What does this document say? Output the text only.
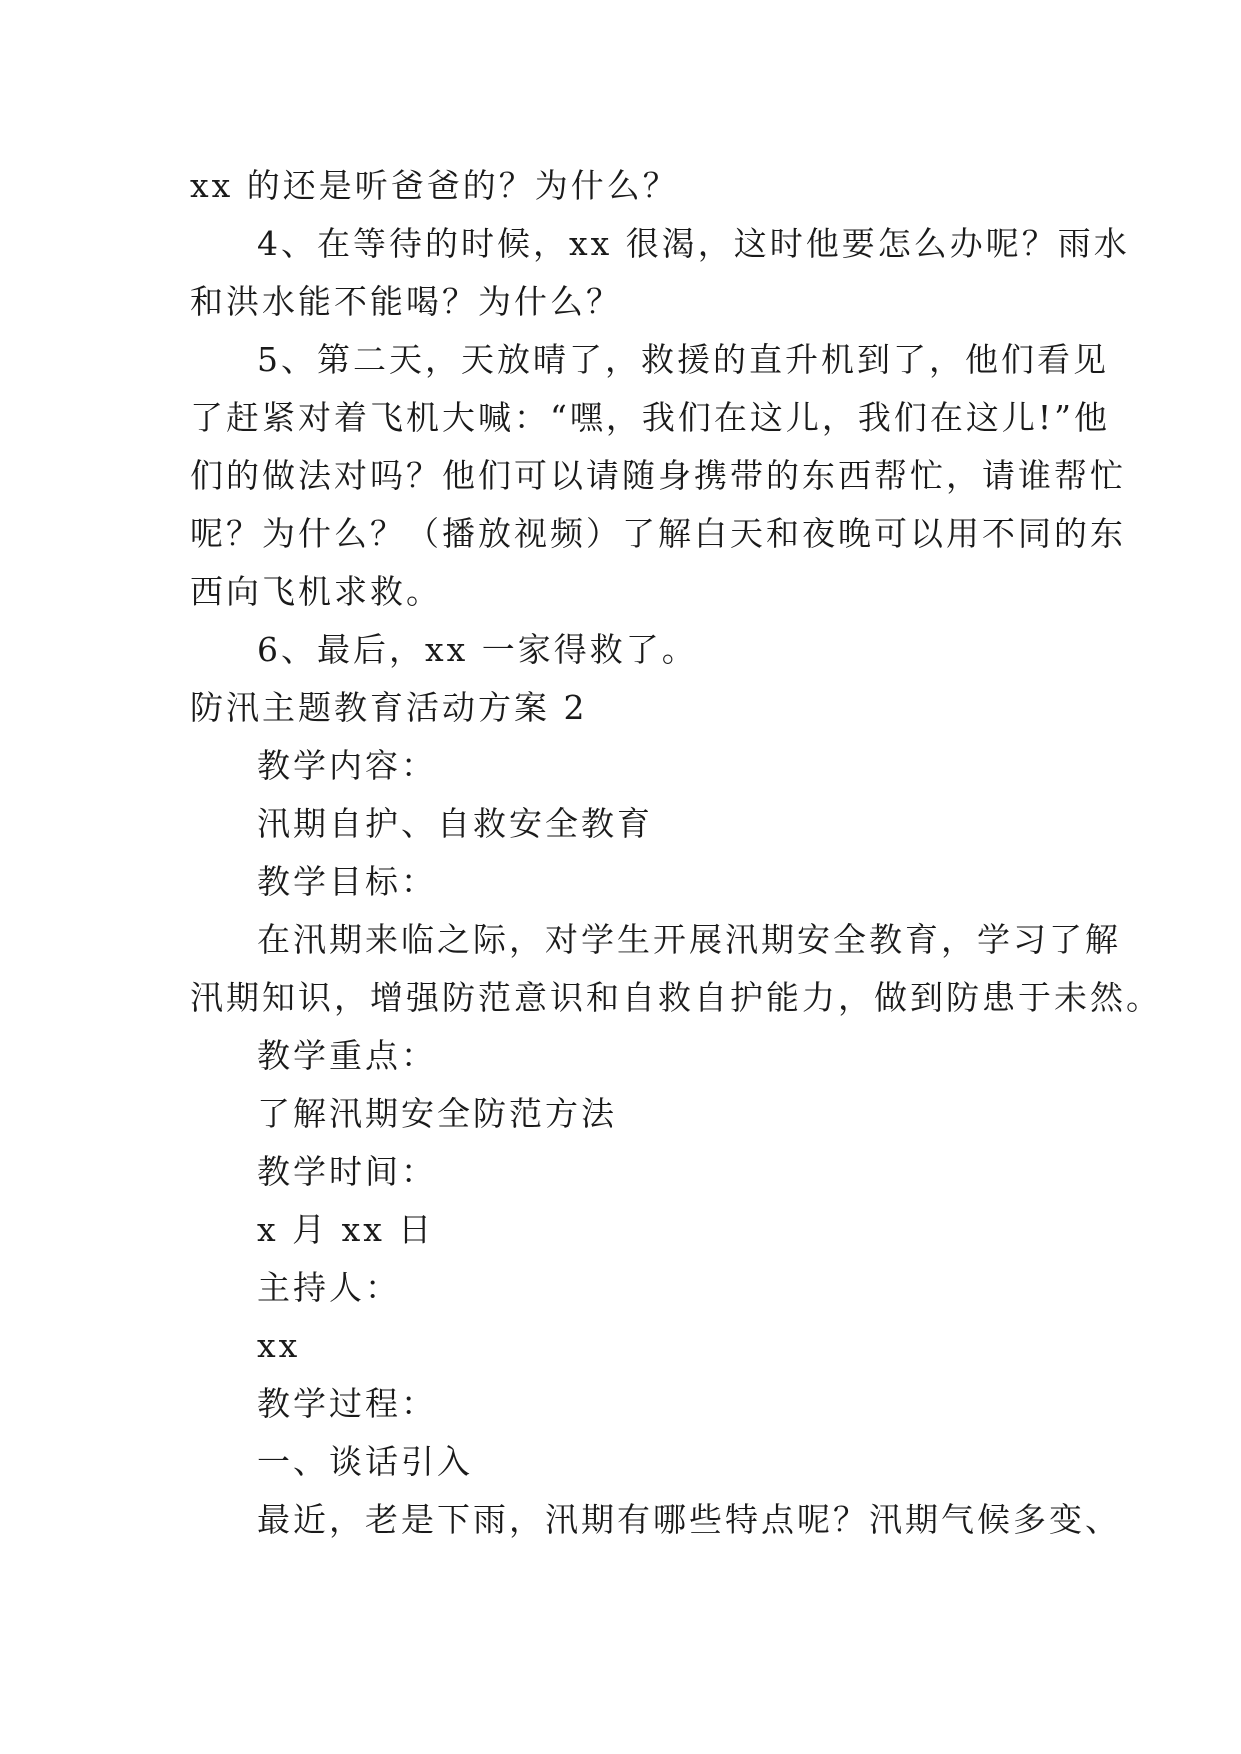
xx 的还是听爸爸的？为什么？
4、在等待的时候，xx 很渴，这时他要怎么办呢？雨水
和洪水能不能喝？为什么？
5、第二天，天放晴了，救援的直升机到了，他们看见
了赶紧对着飞机大喊：“嘿，我们在这儿，我们在这儿!”他
们的做法对吗？他们可以请随身携带的东西帮忙，请谁帮忙
呢？为什么？（播放视频）了解白天和夜晚可以用不同的东
西向飞机求救。
6、最后，xx 一家得救了。
防汛主题教育活动方案 2
教学内容：
汛期自护、自救安全教育
教学目标：
在汛期来临之际，对学生开展汛期安全教育，学习了解
汛期知识，增强防范意识和自救自护能力，做到防患于未然。
教学重点：
了解汛期安全防范方法
教学时间：
x 月 xx 日
主持人：
xx
教学过程：
一、谈话引入
最近，老是下雨，汛期有哪些特点呢？汛期气候多变、
